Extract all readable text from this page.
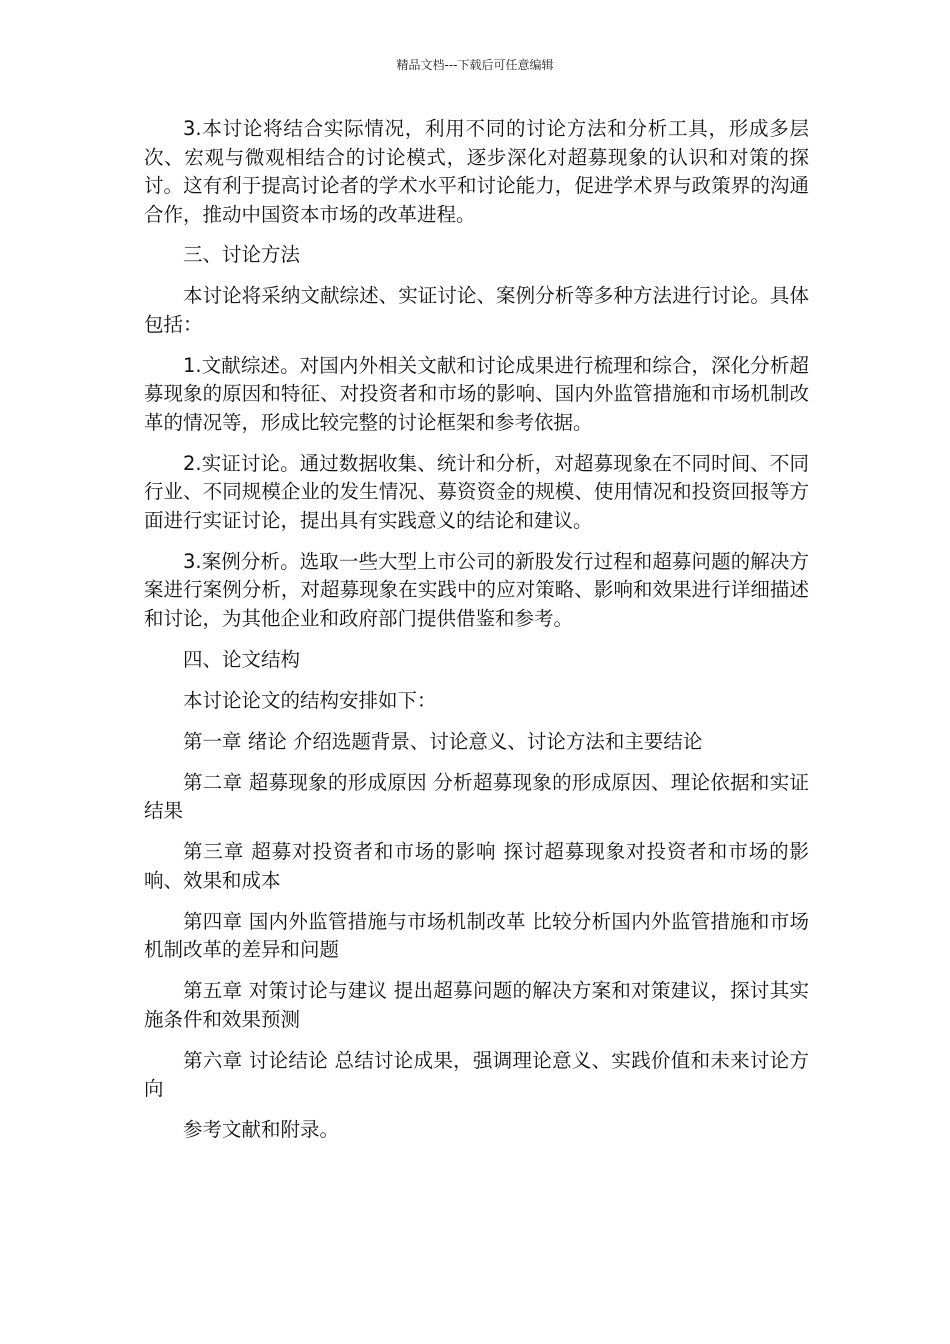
精品文档---下载后可任意编辑

3.本讨论将结合实际情况，利用不同的讨论方法和分析工具，形成多层次、宏观与微观相结合的讨论模式，逐步深化对超募现象的认识和对策的探讨。这有利于提高讨论者的学术水平和讨论能力，促进学术界与政策界的沟通合作，推动中国资本市场的改革进程。

三、讨论方法

本讨论将采纳文献综述、实证讨论、案例分析等多种方法进行讨论。具体包括：

1.文献综述。对国内外相关文献和讨论成果进行梳理和综合，深化分析超募现象的原因和特征、对投资者和市场的影响、国内外监管措施和市场机制改革的情况等，形成比较完整的讨论框架和参考依据。

2.实证讨论。通过数据收集、统计和分析，对超募现象在不同时间、不同行业、不同规模企业的发生情况、募资资金的规模、使用情况和投资回报等方面进行实证讨论，提出具有实践意义的结论和建议。

3.案例分析。选取一些大型上市公司的新股发行过程和超募问题的解决方案进行案例分析，对超募现象在实践中的应对策略、影响和效果进行详细描述和讨论，为其他企业和政府部门提供借鉴和参考。

四、论文结构

本讨论论文的结构安排如下：

第一章 绪论 介绍选题背景、讨论意义、讨论方法和主要结论

第二章 超募现象的形成原因 分析超募现象的形成原因、理论依据和实证结果

第三章 超募对投资者和市场的影响 探讨超募现象对投资者和市场的影响、效果和成本

第四章 国内外监管措施与市场机制改革 比较分析国内外监管措施和市场机制改革的差异和问题

第五章 对策讨论与建议 提出超募问题的解决方案和对策建议，探讨其实施条件和效果预测

第六章 讨论结论 总结讨论成果，强调理论意义、实践价值和未来讨论方向

参考文献和附录。
